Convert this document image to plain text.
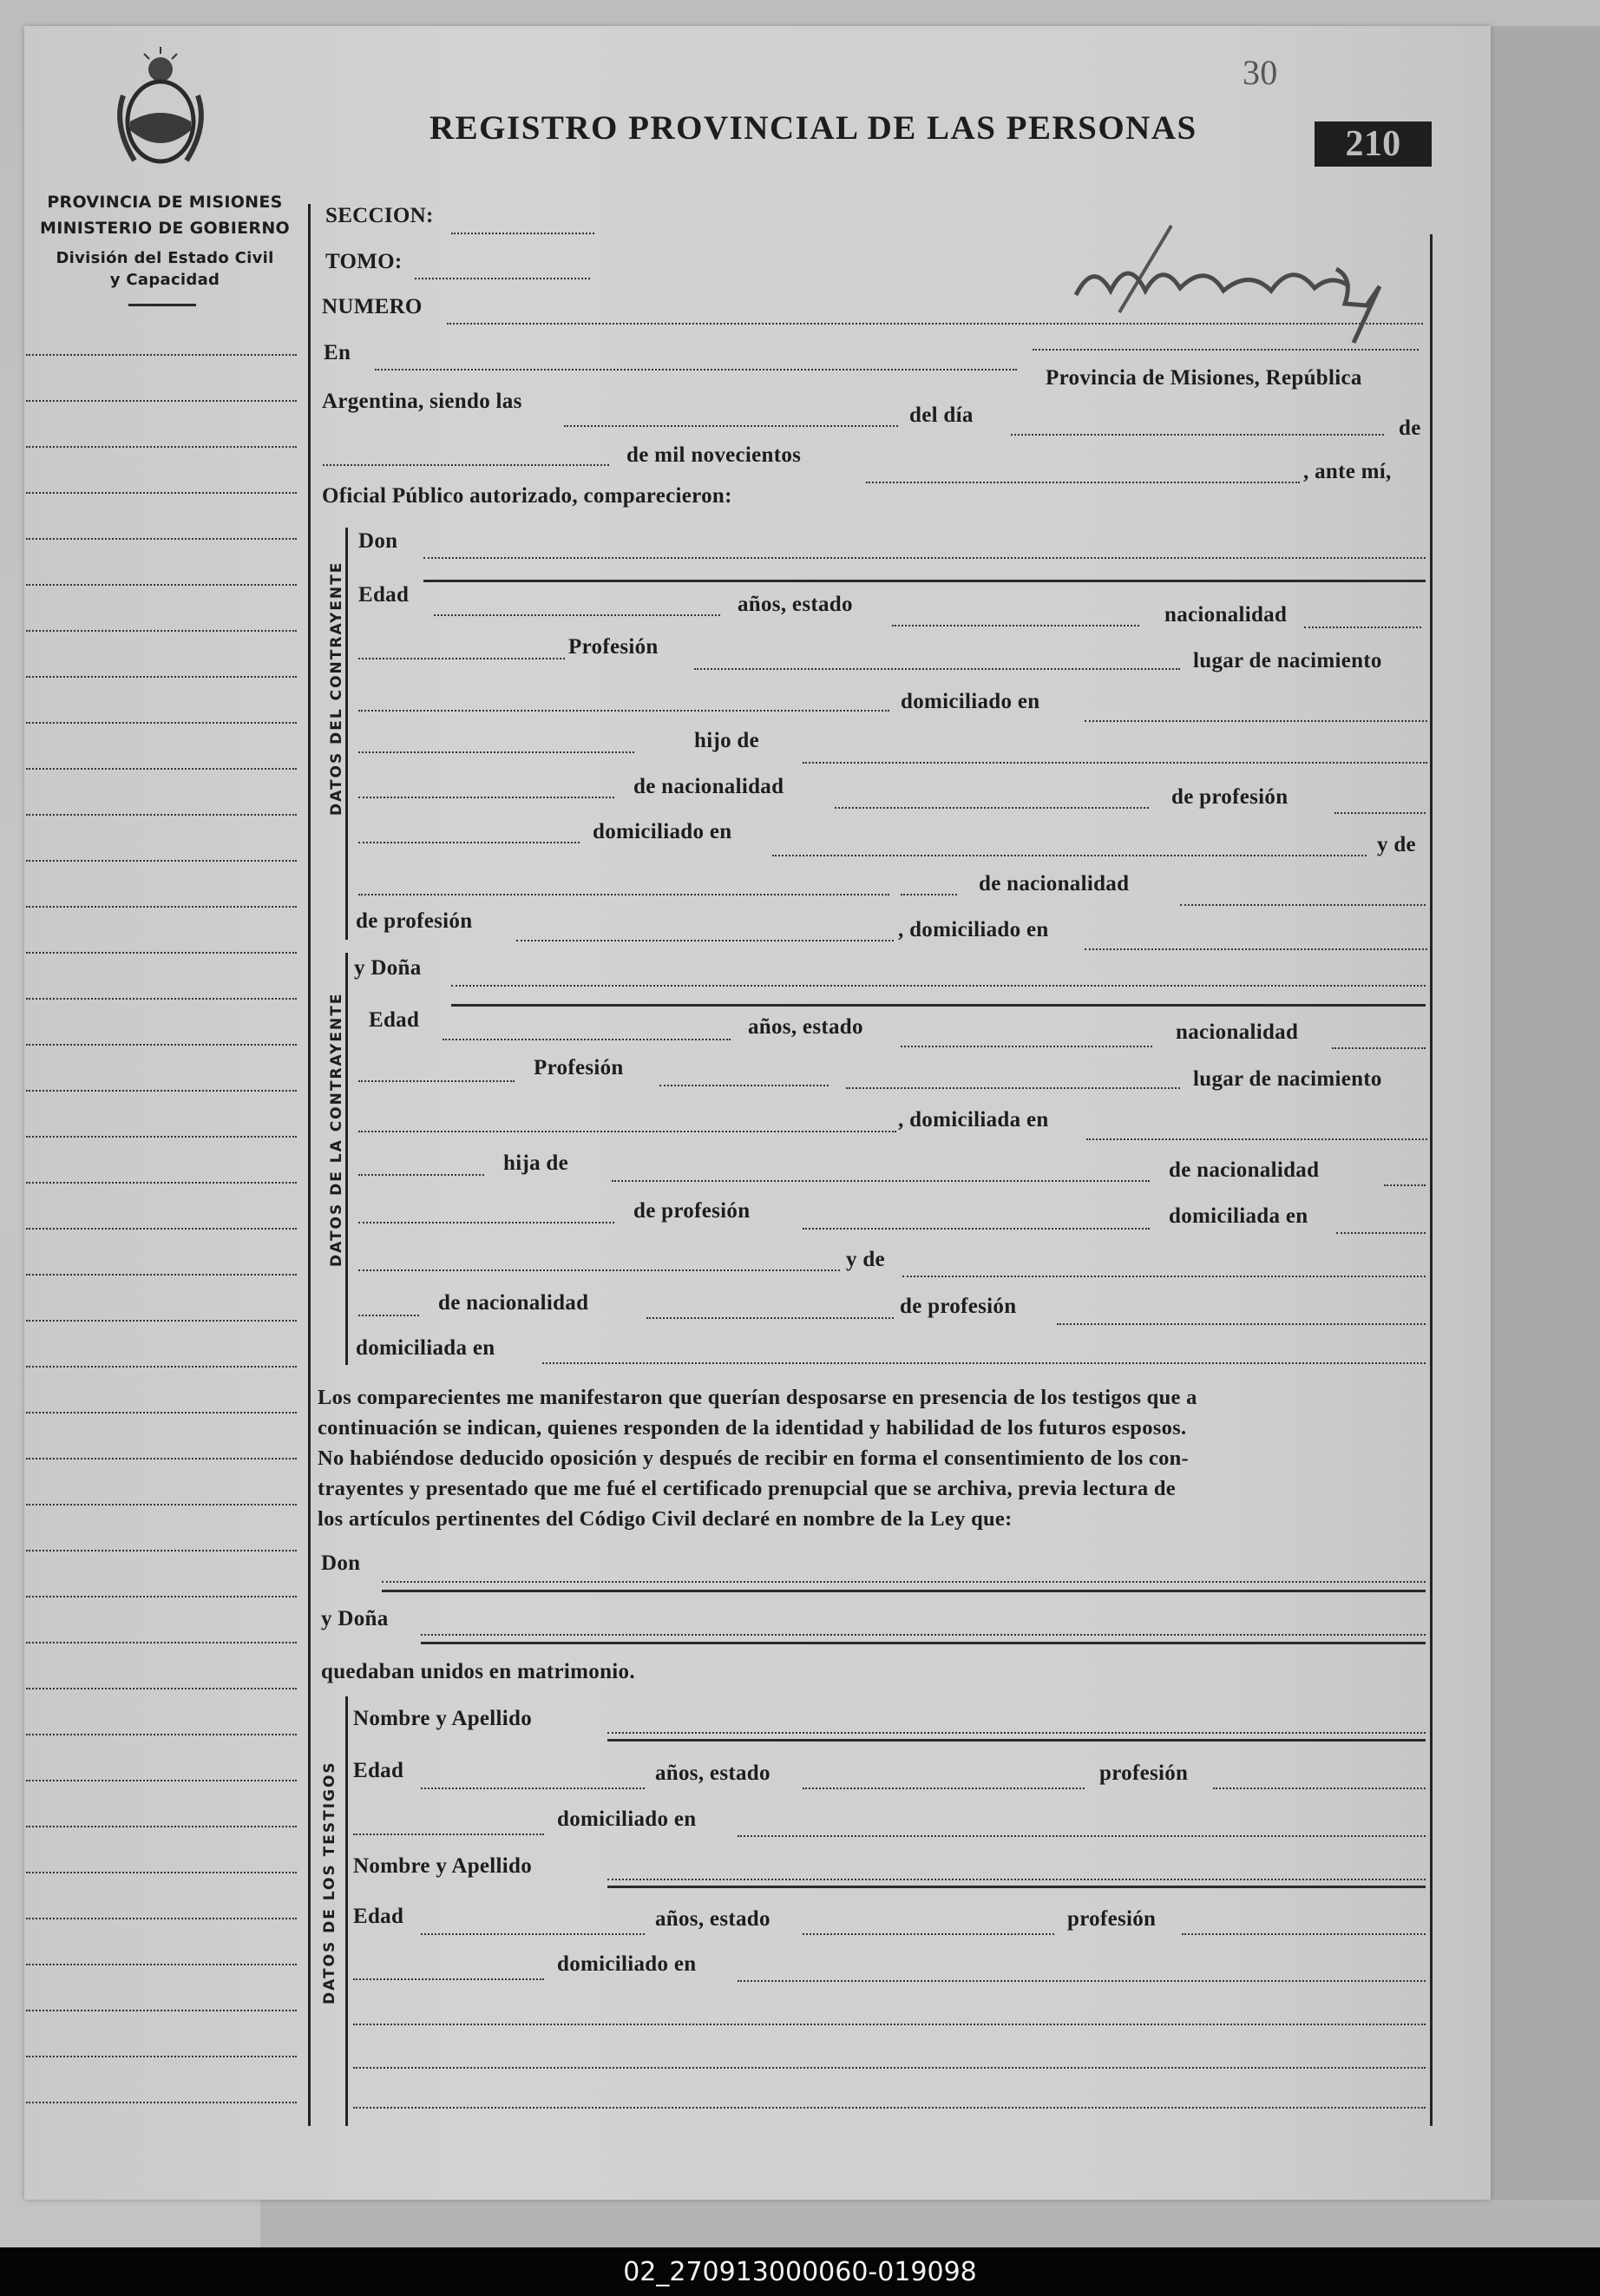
30
REGISTRO PROVINCIAL DE LAS PERSONAS	210
PROVINCIA DE MISIONES
MINISTERIO DE GOBIERNO
División del Estado Civil
y Capacidad
SECCION:
TOMO:
NUMERO
En
Provincia de Misiones, República
Argentina, siendo las
del día
de
de mil novecientos
, ante mí,
Oficial Público autorizado, comparecieron:
DATOS DEL CONTRAYENTE
Don
Edad	años, estado	nacionalidad
Profesión
lugar de nacimiento
domiciliado en
hijo de
de nacionalidad	de profesión
domiciliado en
y de
de nacionalidad
de profesión	, domiciliado en
DATOS DE LA CONTRAYENTE
y Doña
Edad	años, estado	nacionalidad
Profesión	lugar de nacimiento
, domiciliada en
hija de	de nacionalidad
de profesión	domiciliada en
y de
de nacionalidad	de profesión
domiciliada en
Los comparecientes me manifestaron que querían desposarse en presencia de los testigos que a
continuación se indican, quienes responden de la identidad y habilidad de los futuros esposos.
No habiéndose deducido oposición y después de recibir en forma el consentimiento de los con-
trayentes y presentado que me fué el certificado prenupcial que se archiva, previa lectura de
los artículos pertinentes del Código Civil declaré en nombre de la Ley que:
Don
y Doña
quedaban unidos en matrimonio.
DATOS DE LOS TESTIGOS
Nombre y Apellido
Edad	años, estado	profesión
domiciliado en
Nombre y Apellido
Edad	años, estado	profesión
domiciliado en
02_270913000060-019098
